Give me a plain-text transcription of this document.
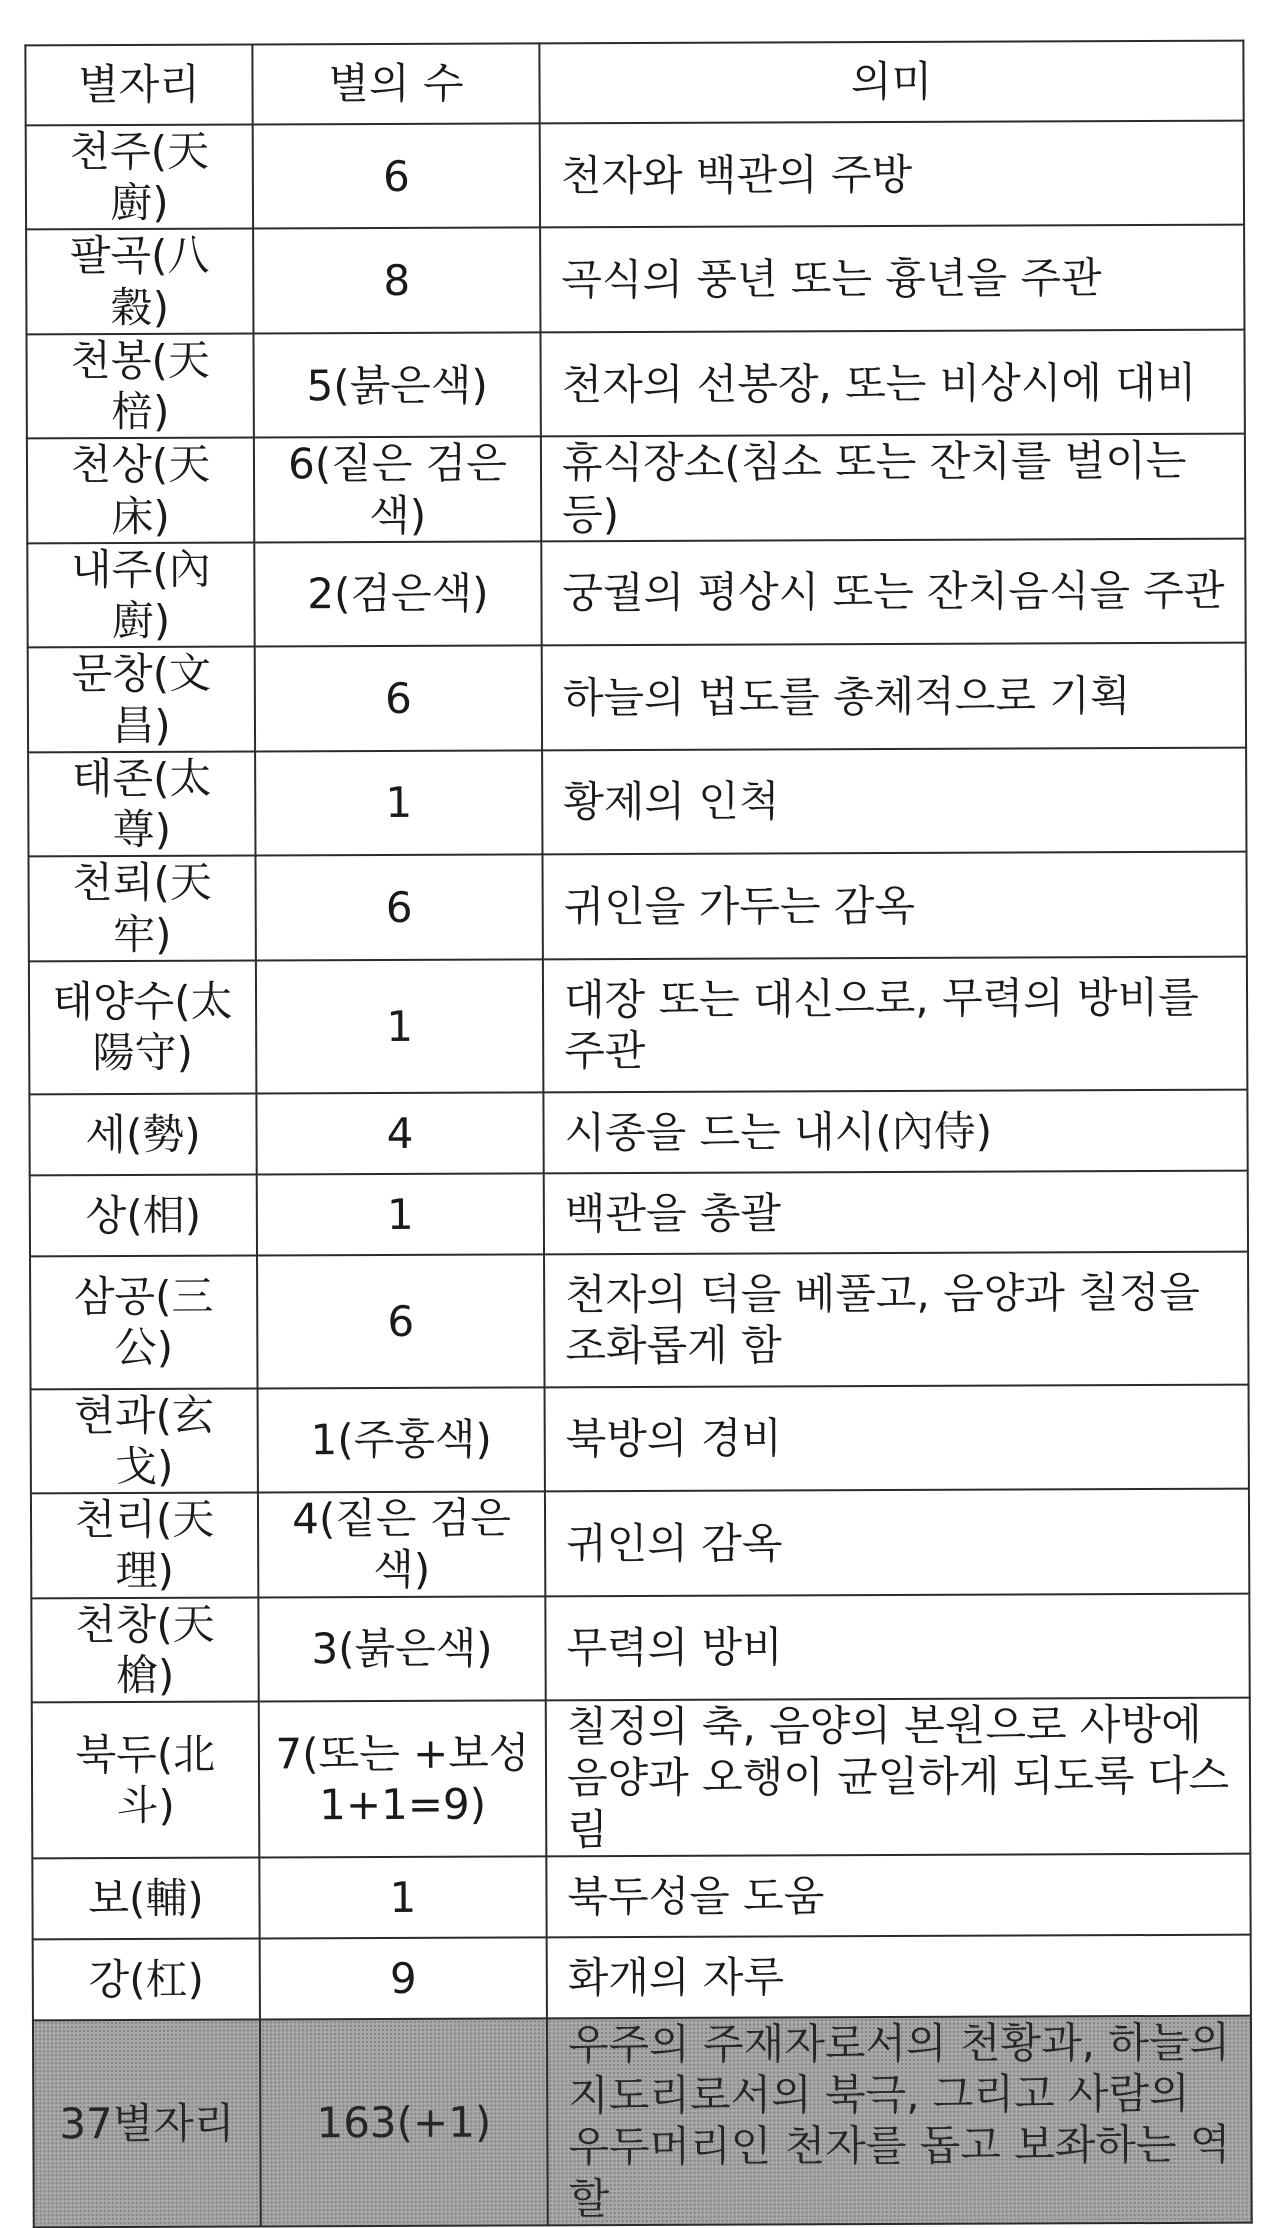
별자리	별의 수	의미
천주(天廚)	6	천자와 백관의 주방
팔곡(八穀)	8	곡식의 풍년 또는 흉년을 주관
천봉(天棓)	5(붉은색)	천자의 선봉장, 또는 비상시에 대비
천상(天床)	6(짙은 검은색)	휴식장소(침소 또는 잔치를 벌이는 등)
내주(內廚)	2(검은색)	궁궐의 평상시 또는 잔치음식을 주관
문창(文昌)	6	하늘의 법도를 총체적으로 기획
태존(太尊)	1	황제의 인척
천뢰(天牢)	6	귀인을 가두는 감옥
태양수(太陽守)	1	대장 또는 대신으로, 무력의 방비를 주관
세(勢)	4	시종을 드는 내시(內侍)
상(相)	1	백관을 총괄
삼공(三公)	6	천자의 덕을 베풀고, 음양과 칠정을 조화롭게 함
현과(玄戈)	1(주홍색)	북방의 경비
천리(天理)	4(짙은 검은색)	귀인의 감옥
천창(天槍)	3(붉은색)	무력의 방비
북두(北斗)	7(또는 +보성1+1=9)	칠정의 축, 음양의 본원으로 사방에 음양과 오행이 균일하게 되도록 다스림
보(輔)	1	북두성을 도움
강(杠)	9	화개의 자루
37별자리	163(+1)	우주의 주재자로서의 천황과, 하늘의 지도리로서의 북극, 그리고 사람의 우두머리인 천자를 돕고 보좌하는 역할
